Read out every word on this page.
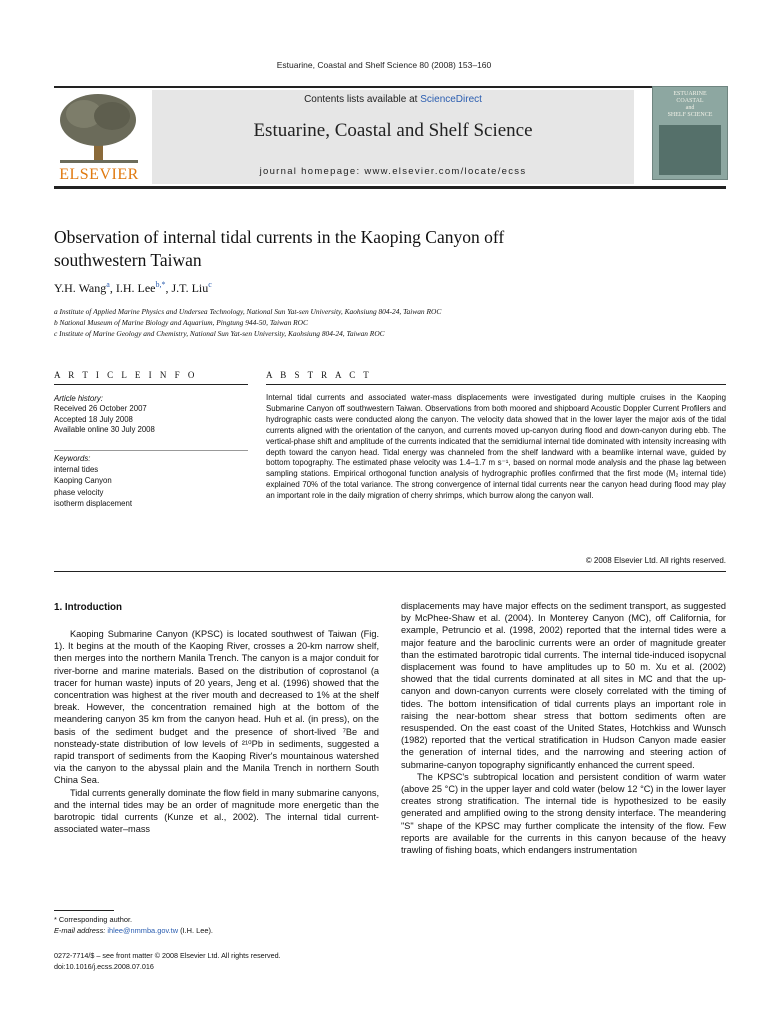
Estuarine, Coastal and Shelf Science 80 (2008) 153–160
ELSEVIER
Contents lists available at ScienceDirect
Estuarine, Coastal and Shelf Science
journal homepage: www.elsevier.com/locate/ecss
ESTUARINE
COASTAL
and
SHELF SCIENCE
Observation of internal tidal currents in the Kaoping Canyon off southwestern Taiwan
Y.H. Wang$^a$, I.H. Lee$^{b,*}$, J.T. Liu$^c$
a Institute of Applied Marine Physics and Undersea Technology, National Sun Yat-sen University, Kaohsiung 804-24, Taiwan ROC
b National Museum of Marine Biology and Aquarium, Pingtung 944-50, Taiwan ROC
c Institute of Marine Geology and Chemistry, National Sun Yat-sen University, Kaohsiung 804-24, Taiwan ROC
A R T I C L E I N F O	A B S T R A C T
Article history:
Received 26 October 2007
Accepted 18 July 2008
Available online 30 July 2008
Keywords:
internal tides
Kaoping Canyon
phase velocity
isotherm displacement
Internal tidal currents and associated water-mass displacements were investigated during multiple cruises in the Kaoping Submarine Canyon off southwestern Taiwan. Observations from both moored and shipboard Acoustic Doppler Current Profilers and hydrographic casts were conducted along the canyon. The velocity data showed that in the lower layer the major axis of the tidal currents aligned with the orientation of the canyon, and currents moved up-canyon during flood and down-canyon during ebb. The vertical-phase shift and amplitude of the currents indicated that the semidiurnal internal tide dominated with intensity increasing with depth toward the canyon head. Tidal energy was channeled from the shelf landward with a beamlike internal wave, guided by bottom topography. The estimated phase velocity was 1.4–1.7 m s⁻¹, based on normal mode analysis and the phase lag between sampling stations. Empirical orthogonal function analysis of hydrographic profiles confirmed that the first mode (M₂ internal tide) explained 70% of the total variance. The strong convergence of internal tidal currents near the canyon head during flood may play an important role in the daily migration of cherry shrimps, which burrow along the canyon wall.
© 2008 Elsevier Ltd. All rights reserved.
1. Introduction

Kaoping Submarine Canyon (KPSC) is located southwest of Taiwan (Fig. 1). It begins at the mouth of the Kaoping River, crosses a 20-km narrow shelf, then merges into the northern Manila Trench. The canyon is a major conduit for river-borne and marine materials. Based on the distribution of coprostanol (a tracer for human waste) inputs of 20 years, Jeng et al. (1996) showed that the concentration was highest at the river mouth and decreased to 1% at the shelf break. However, the concentration remained high at the bottom of the meandering canyon 35 km from the canyon head. Huh et al. (in press), on the basis of the sediment budget and the presence of short-lived ⁷Be and nonsteady-state distribution of low levels of ²¹⁰Pb in sediments, suggested a rapid transport of sediments from the Kaoping River's mountainous watershed via the canyon to the abyssal plain and the Manila Trench in northern South China Sea.

Tidal currents generally dominate the flow field in many submarine canyons, and the internal tides may be an order of magnitude more energetic than the barotropic tidal currents (Kunze et al., 2002). The internal tidal current-associated water–mass

displacements may have major effects on the sediment transport, as suggested by McPhee-Shaw et al. (2004). In Monterey Canyon (MC), off California, for example, Petruncio et al. (1998, 2002) reported that the internal tides were a major feature and the baroclinic currents were an order of magnitude greater than the estimated barotropic tidal currents. The internal tide-induced isopycnal displacement was found to have amplitudes up to 50 m. Xu et al. (2002) showed that the tidal currents dominated at all sites in MC and that the up-canyon and down-canyon currents were closely correlated with the timing of tides. The bottom intensification of tidal currents plays an important role in raising the near-bottom shear stress that bottom sediments often are resuspended. On the east coast of the United States, Hotchkiss and Wunsch (1982) reported that the vertical stratification in Hudson Canyon made easier the generation of internal tides, and the narrowing and steering action of submarine-canyon topography significantly enhanced the current speed.

The KPSC's subtropical location and persistent condition of warm water (above 25 °C) in the upper layer and cold water (below 12 °C) in the lower layer creates strong stratification. The internal tide is hypothesized to be easily generated and amplified owing to the strong density interface. The meandering "S" shape of the KPSC may further complicate the intensity of the flow. Few reports are available for the currents in this canyon because of the heavy trawling of fishing boats, which endangers instrumentation

* Corresponding author.
E-mail address: ihlee@nmmba.gov.tw (I.H. Lee).
0272-7714/$ – see front matter © 2008 Elsevier Ltd. All rights reserved.
doi:10.1016/j.ecss.2008.07.016
